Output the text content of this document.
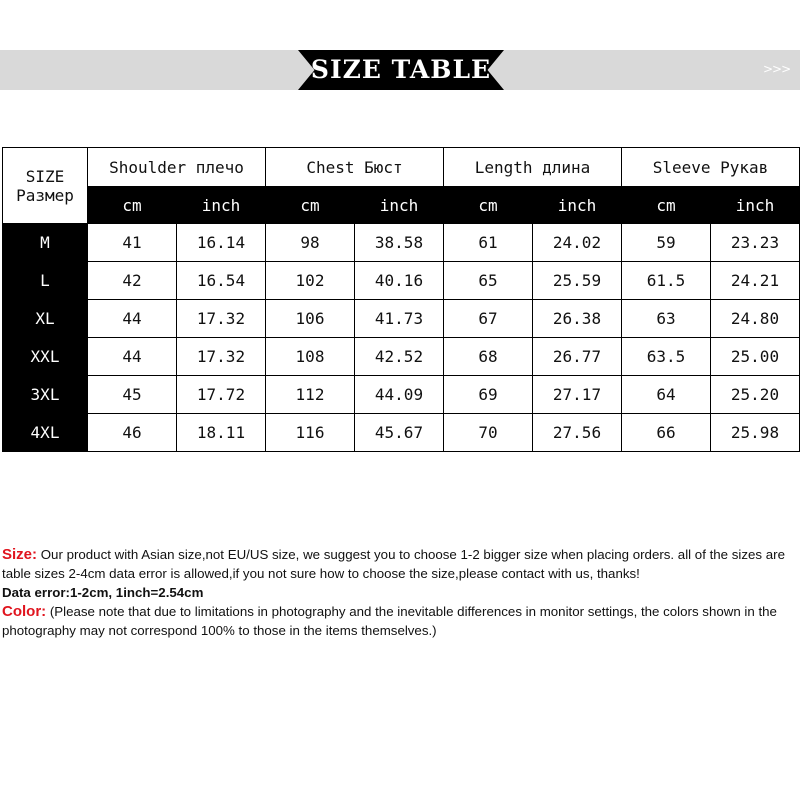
SIZE TABLE	>>>
SIZE
Размер	Shoulder плечо		Chest Бюст		Length длина		Sleeve Рукав	
	cm	inch	cm	inch	cm	inch	cm	inch
M	41	16.14	98	38.58	61	24.02	59	23.23
L	42	16.54	102	40.16	65	25.59	61.5	24.21
XL	44	17.32	106	41.73	67	26.38	63	24.80
XXL	44	17.32	108	42.52	68	26.77	63.5	25.00
3XL	45	17.72	112	44.09	69	27.17	64	25.20
4XL	46	18.11	116	45.67	70	27.56	66	25.98

Size: Our product with Asian size,not EU/US size, we suggest you to choose 1-2 bigger size when placing orders. all of the sizes are table sizes 2-4cm data error is allowed,if you not sure how to choose the size,please contact with us, thanks!

Data error:1-2cm, 1inch=2.54cm

Color: (Please note that due to limitations in photography and the inevitable differences in monitor settings, the colors shown in the photography may not correspond 100% to those in the items themselves.)
